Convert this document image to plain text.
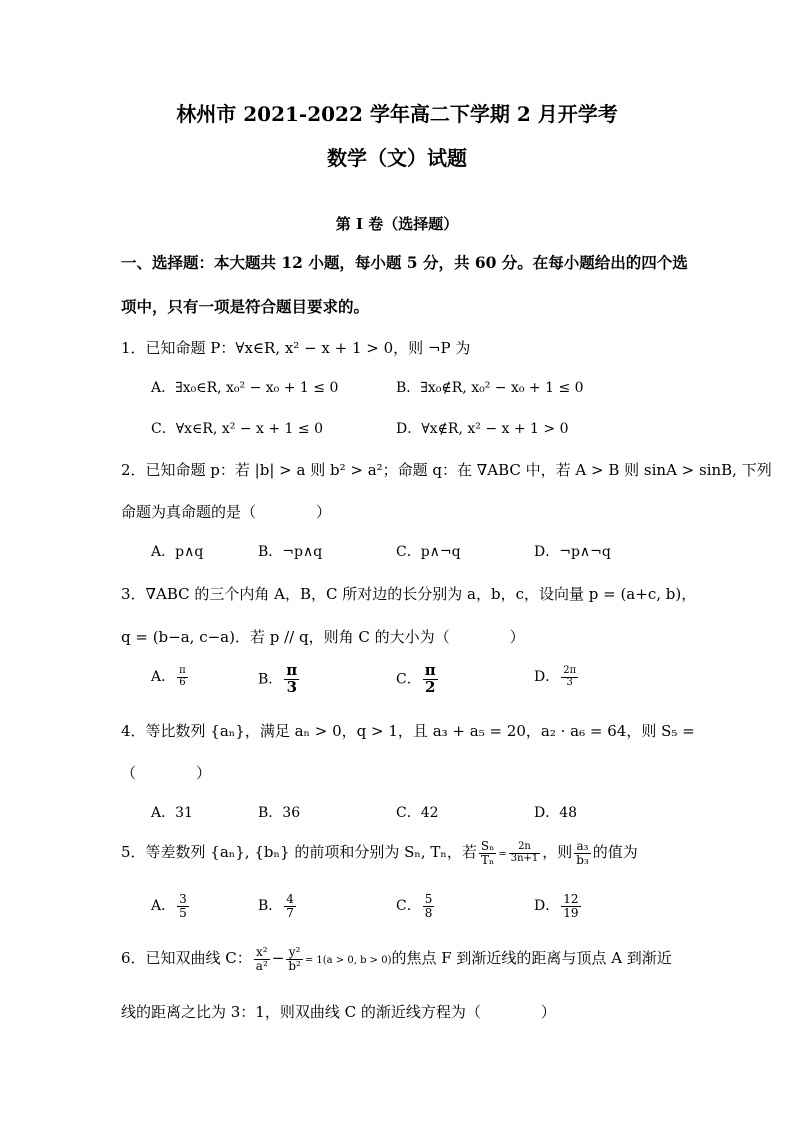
林州市 2021-2022 学年高二下学期 2 月开学考
数学（文）试题
第 I 卷（选择题）
一、选择题：本大题共 12 小题，每小题 5 分，共 60 分。在每小题给出的四个选
项中，只有一项是符合题目要求的。
1．已知命题 P：∀x∈R, x² − x + 1 > 0，则 ¬P 为
A．∃x₀∈R, x₀² − x₀ + 1 ≤ 0	B．∃x₀∉R, x₀² − x₀ + 1 ≤ 0
C．∀x∈R, x² − x + 1 ≤ 0	D．∀x∉R, x² − x + 1 > 0
2．已知命题 p：若 |b| > a 则 b² > a²；命题 q：在 ∇ABC 中，若 A > B 则 sinA > sinB, 下列
命题为真命题的是（　　　　）
A．p∧q	B．¬p∧q	C．p∧¬q	D．¬p∧¬q
3．∇ABC 的三个内角 A，B，C 所对边的长分别为 a，b，c，设向量 p = (a+c, b)，
q = (b−a, c−a)．若 p // q，则角 C 的大小为（　　　　）
A． $\frac{\pi}{6}$	B． $\frac{\pi}{3}$	C． $\frac{\pi}{2}$	D． $\frac{2\pi}{3}$
4．等比数列 {aₙ}，满足 aₙ > 0，q > 1，且 a₃ + a₅ = 20，a₂ · a₆ = 64，则 S₅ =
（　　　　）
A．31	B．36	C．42	D．48
5．等差数列 {aₙ}, {bₙ} 的前项和分别为 Sₙ, Tₙ，若 $\frac{\text{Sₙ}}{\text{Tₙ}} = \frac{2n}{3n+1}$ ，则 $\frac{\text{a₃}}{\text{b₃}}$ 的值为
A． $\frac{3}{5}$	B． $\frac{4}{7}$	C． $\frac{5}{8}$	D． $\frac{12}{19}$
6．已知双曲线 C： $\frac{\text{x²}}{\text{a²}} - \frac{\text{y²}}{\text{b²}} = 1(a > 0$, b > 0)的焦点 F 到渐近线的距离与顶点 A 到渐近
线的距离之比为 3：1，则双曲线 C 的渐近线方程为（　　　　）
